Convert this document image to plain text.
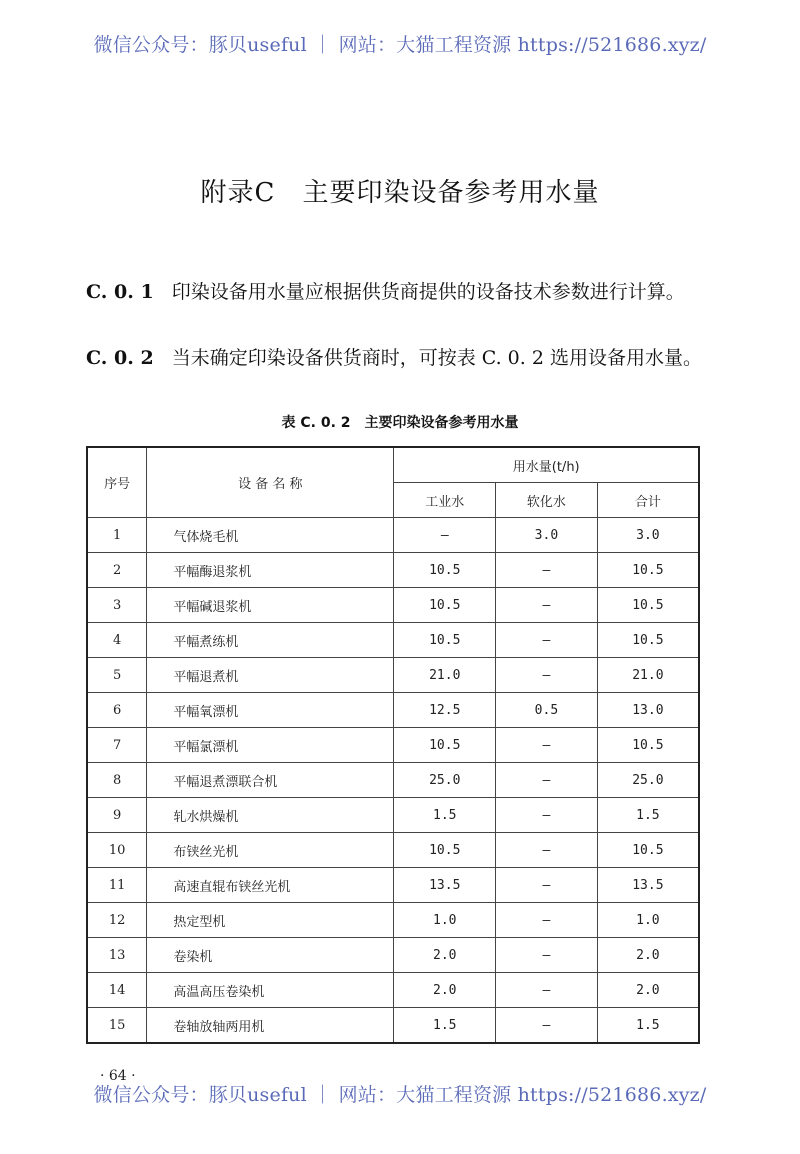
微信公众号：豚贝useful ｜ 网站：大猫工程资源 https://521686.xyz/
附录C　主要印染设备参考用水量
C. 0. 1 印染设备用水量应根据供货商提供的设备技术参数进行计算。
C. 0. 2 当未确定印染设备供货商时，可按表 C. 0. 2 选用设备用水量。
表 C. 0. 2　主要印染设备参考用水量
序号	设 备 名 称	用水量(t/h)		
		工业水	软化水	合计
1	气体烧毛机	—	3.0	3.0
2	平幅酶退浆机	10.5	—	10.5
3	平幅碱退浆机	10.5	—	10.5
4	平幅煮练机	10.5	—	10.5
5	平幅退煮机	21.0	—	21.0
6	平幅氧漂机	12.5	0.5	13.0
7	平幅氯漂机	10.5	—	10.5
8	平幅退煮漂联合机	25.0	—	25.0
9	轧水烘燥机	1.5	—	1.5
10	布铗丝光机	10.5	—	10.5
11	高速直辊布铗丝光机	13.5	—	13.5
12	热定型机	1.0	—	1.0
13	卷染机	2.0	—	2.0
14	高温高压卷染机	2.0	—	2.0
15	卷轴放轴两用机	1.5	—	1.5
· 64 ·
微信公众号：豚贝useful ｜ 网站：大猫工程资源 https://521686.xyz/
